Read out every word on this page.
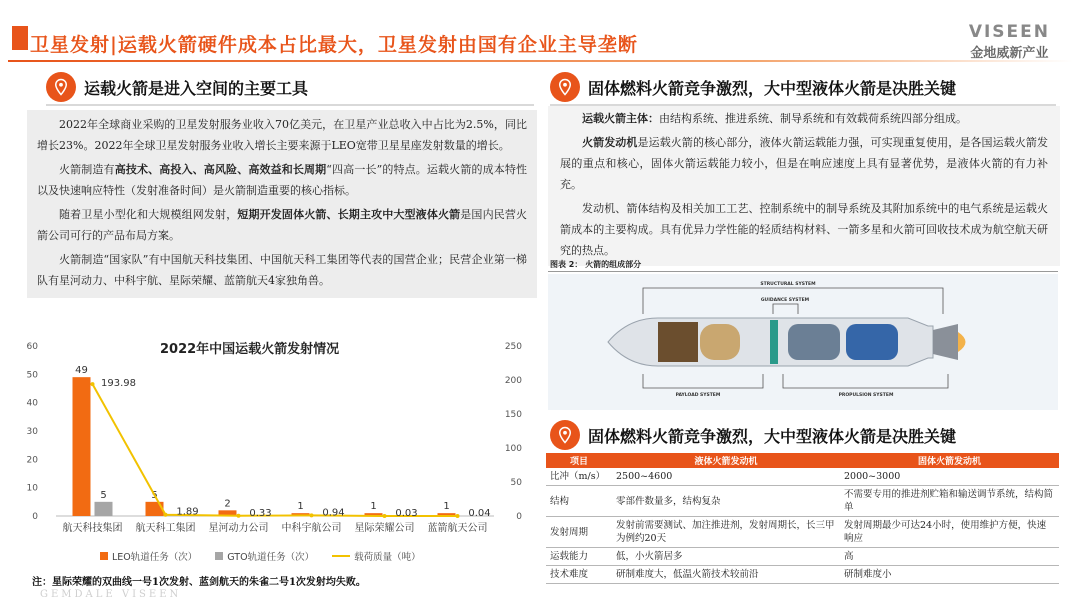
卫星发射|运载火箭硬件成本占比最大，卫星发射由国有企业主导垄断
VISEEN
金地威新产业
运载火箭是进入空间的主要工具

2022年全球商业采购的卫星发射服务业收入70亿美元，在卫星产业总收入中占比为2.5%，同比增长23%。2022年全球卫星发射服务业收入增长主要来源于LEO宽带卫星星座发射数量的增长。

火箭制造有高技术、高投入、高风险、高效益和长周期“四高一长”的特点。运载火箭的成本特性以及快速响应特性（发射准备时间）是火箭制造重要的核心指标。

随着卫星小型化和大规模组网发射，短期开发固体火箭、长期主攻中大型液体火箭是国内民营火箭公司可行的产品布局方案。

火箭制造“国家队”有中国航天科技集团、中国航天科工集团等代表的国营企业；民营企业第一梯队有星河动力、中科宇航、星际荣耀、蓝箭航天4家独角兽。

0
10
20
30
40
50
60
0
50
100
150
200
250
航天科技集团 航天科工集团 星河动力公司 中科宇航公司 星际荣耀公司 蓝箭航天公司
49
5	5
2	1	1	1
193.98
1.89	0.33	0.94	0.03	0.04
2022年中国运载火箭发射情况
LEO轨道任务（次）	GTO轨道任务（次）	载荷质量（吨）
注：星际荣耀的双曲线一号1次发射、蓝剑航天的朱雀二号1次发射均失败。
GEMDALE VISEEN
固体燃料火箭竞争激烈，大中型液体火箭是决胜关键

运载火箭主体：由结构系统、推进系统、制导系统和有效载荷系统四部分组成。

火箭发动机是运载火箭的核心部分，液体火箭运载能力强，可实现重复使用，是各国运载火箭发展的重点和核心，固体火箭运载能力较小，但是在响应速度上具有显著优势，是液体火箭的有力补充。

发动机、箭体结构及相关加工工艺、控制系统中的制导系统及其附加系统中的电气系统是运载火箭成本的主要构成。具有优异力学性能的轻质结构材料、一箭多星和火箭可回收技术成为航空航天研究的热点。

图表 2： 火箭的组成部分
STRUCTURAL SYSTEM
GUIDANCE SYSTEM
PAYLOAD SYSTEM	PROPULSION SYSTEM
固体燃料火箭竞争激烈，大中型液体火箭是决胜关键
项目	液体火箭发动机	固体火箭发动机
比冲（m/s）	2500~4600	2000~3000
结构	零部件数量多，结构复杂	不需要专用的推进剂贮箱和输送调节系统，结构简单
发射周期	发射前需要测试、加注推进剂，发射周期长，长三甲为例约20天	发射周期最少可达24小时，使用维护方便，快速响应
运载能力	低，小火箭居多	高
技术难度	研制难度大，低温火箭技术较前沿	研制难度小
